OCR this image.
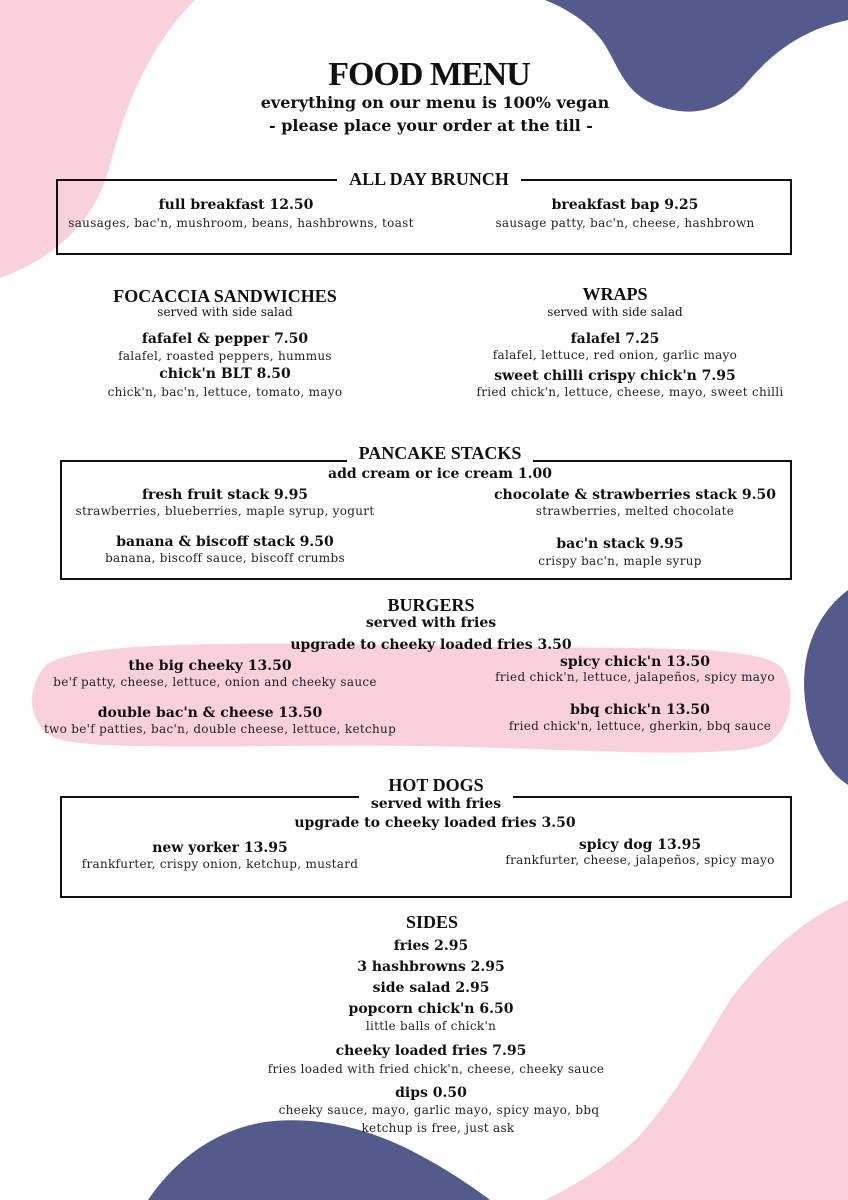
FOOD MENU
everything on our menu is 100% vegan
- please place your order at the till -
ALL DAY BRUNCH
full breakfast 12.50
sausages, bac'n, mushroom, beans, hashbrowns, toast
breakfast bap 9.25
sausage patty, bac'n, cheese, hashbrown
FOCACCIA SANDWICHES
served with side salad
fafafel & pepper 7.50
falafel, roasted peppers, hummus
chick'n BLT 8.50
chick'n, bac'n, lettuce, tomato, mayo
WRAPS
served with side salad
falafel 7.25
falafel, lettuce, red onion, garlic mayo
sweet chilli crispy chick'n 7.95
fried chick'n, lettuce, cheese, mayo, sweet chilli
PANCAKE STACKS
add cream or ice cream 1.00
fresh fruit stack 9.95
strawberries, blueberries, maple syrup, yogurt
chocolate & strawberries stack 9.50
strawberries, melted chocolate
banana & biscoff stack 9.50
banana, biscoff sauce, biscoff crumbs
bac'n stack 9.95
crispy bac'n, maple syrup
BURGERS
served with fries
upgrade to cheeky loaded fries 3.50
the big cheeky 13.50
be'f patty, cheese, lettuce, onion and cheeky sauce
spicy chick'n 13.50
fried chick'n, lettuce, jalapeños, spicy mayo
double bac'n & cheese 13.50
two be'f patties, bac'n, double cheese, lettuce, ketchup
bbq chick'n 13.50
fried chick'n, lettuce, gherkin, bbq sauce
HOT DOGS
served with fries
upgrade to cheeky loaded fries 3.50
new yorker 13.95
frankfurter, crispy onion, ketchup, mustard
spicy dog 13.95
frankfurter, cheese, jalapeños, spicy mayo
SIDES
fries 2.95
3 hashbrowns 2.95
side salad 2.95
popcorn chick'n 6.50
little balls of chick'n
cheeky loaded fries 7.95
fries loaded with fried chick'n, cheese, cheeky sauce
dips 0.50
cheeky sauce, mayo, garlic mayo, spicy mayo, bbq
ketchup is free, just ask
